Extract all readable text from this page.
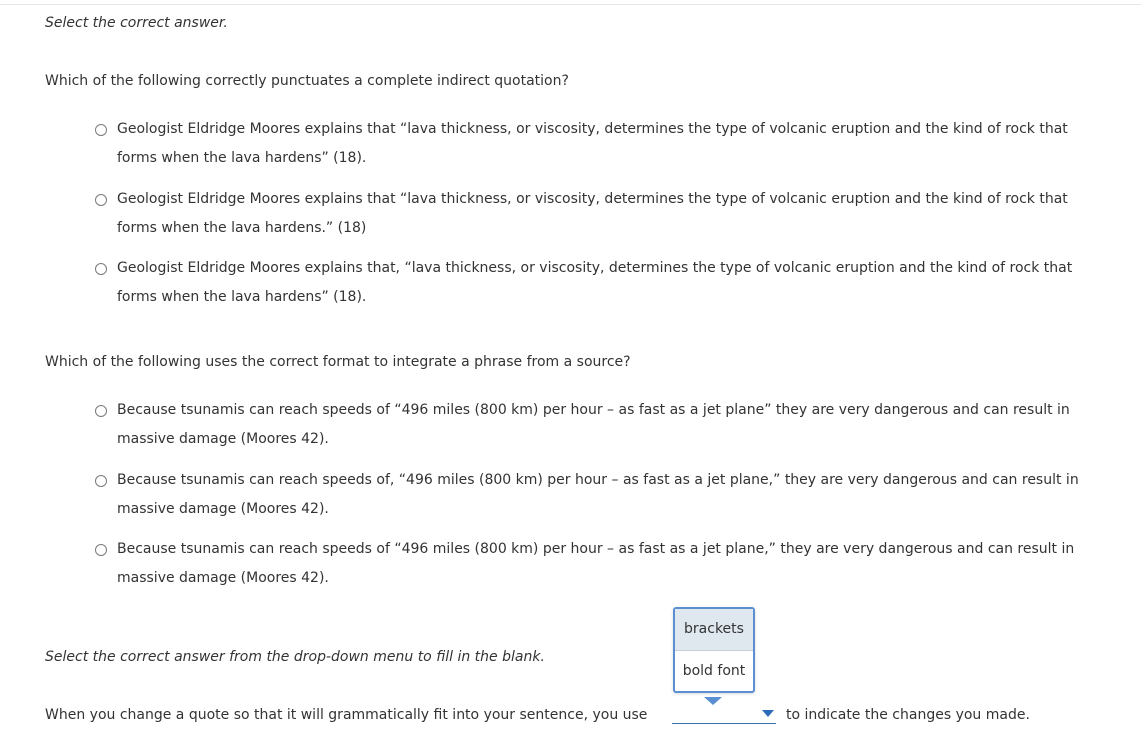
Select the correct answer.
Which of the following correctly punctuates a complete indirect quotation?
Geologist Eldridge Moores explains that “lava thickness, or viscosity, determines the type of volcanic eruption and the kind of rock that
forms when the lava hardens” (18).
Geologist Eldridge Moores explains that “lava thickness, or viscosity, determines the type of volcanic eruption and the kind of rock that
forms when the lava hardens.” (18)
Geologist Eldridge Moores explains that, “lava thickness, or viscosity, determines the type of volcanic eruption and the kind of rock that
forms when the lava hardens” (18).
Which of the following uses the correct format to integrate a phrase from a source?
Because tsunamis can reach speeds of “496 miles (800 km) per hour – as fast as a jet plane” they are very dangerous and can result in
massive damage (Moores 42).
Because tsunamis can reach speeds of, “496 miles (800 km) per hour – as fast as a jet plane,” they are very dangerous and can result in
massive damage (Moores 42).
Because tsunamis can reach speeds of “496 miles (800 km) per hour – as fast as a jet plane,” they are very dangerous and can result in
massive damage (Moores 42).
Select the correct answer from the drop-down menu to fill in the blank.
brackets
bold font
When you change a quote so that it will grammatically fit into your sentence, you use	to indicate the changes you made.
